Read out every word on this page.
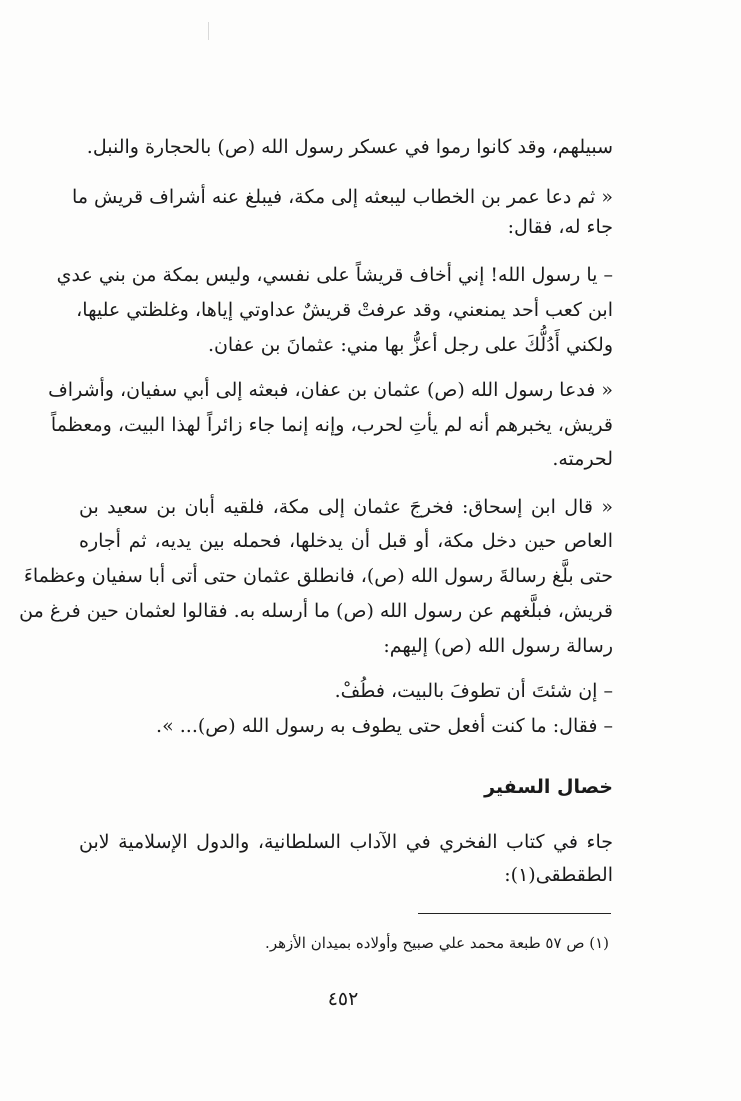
سبيلهم، وقد كانوا رموا في عسكر رسول الله (ص) بالحجارة والنبل.
« ثم دعا عمر بن الخطاب ليبعثه إلى مكة، فيبلغ عنه أشراف قريش ما
جاء له، فقال:
– يا رسول الله! إني أخاف قريشاً على نفسي، وليس بمكة من بني عدي
ابن كعب أحد يمنعني، وقد عرفتْ قريشٌ عداوتي إياها، وغلظتي عليها،
ولكني أَدُلُّكَ على رجل أعزُّ بها مني: عثمانَ بن عفان.
« فدعا رسول الله (ص) عثمان بن عفان، فبعثه إلى أبي سفيان، وأشراف
قريش، يخبرهم أنه لم يأتِ لحرب، وإنه إنما جاء زائراً لهذا البيت، ومعظماً
لحرمته.
« قال ابن إسحاق: فخرجَ عثمان إلى مكة، فلقيه أبان بن سعيد بن
العاص حين دخل مكة، أو قبل أن يدخلها، فحمله بين يديه، ثم أجاره
حتى بلَّغ رسالةَ رسول الله (ص)، فانطلق عثمان حتى أتى أبا سفيان وعظماءَ
قريش، فبلَّغهم عن رسول الله (ص) ما أرسله به. فقالوا لعثمان حين فرغ من
رسالة رسول الله (ص) إليهم:
– إن شئتَ أن تطوفَ بالبيت، فطُفْ.
– فقال: ما كنت أفعل حتى يطوف به رسول الله (ص)... ».
خصال السفير
جاء في كتاب الفخري في الآداب السلطانية، والدول الإسلامية لابن
الطقطقى(١):
(١) ص ٥٧ طبعة محمد علي صبيح وأولاده بميدان الأزهر.
٤٥٢
